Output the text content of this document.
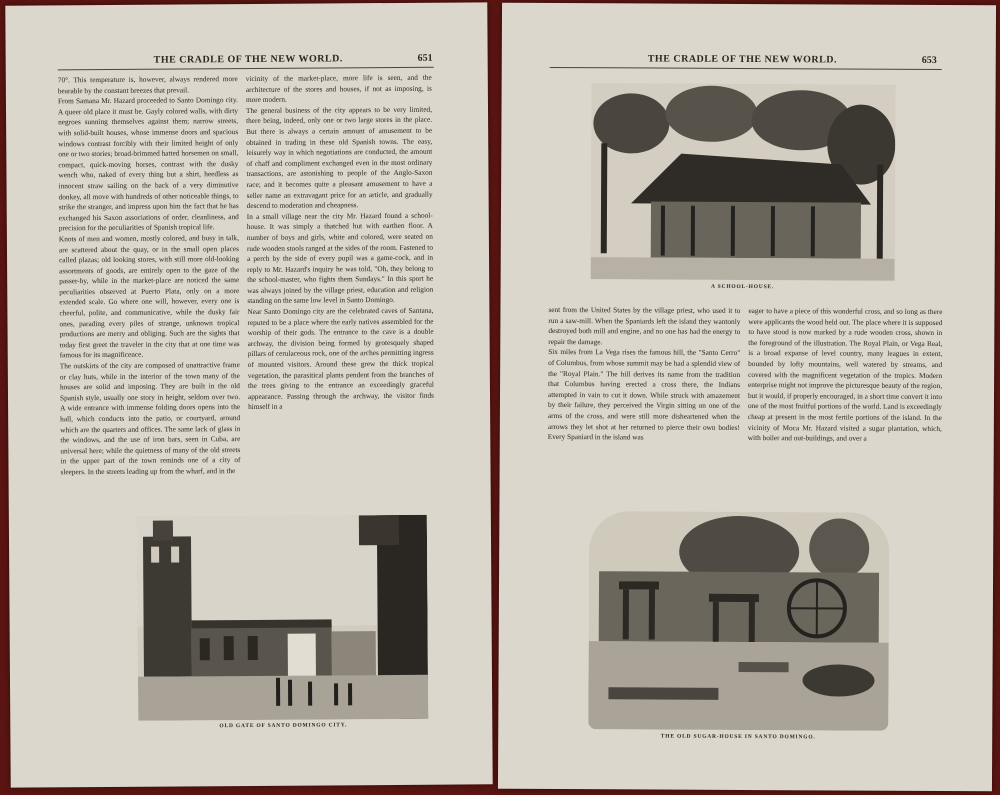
THE CRADLE OF THE NEW WORLD.	651
70°. This temperature is, however, always rendered more bearable by the constant breezes that prevail.
From Samana Mr. Hazard proceeded to Santo Domingo city. A queer old place it must be. Gayly colored walls, with dirty negroes sunning themselves against them; narrow streets, with solid-built houses, whose immense doors and spacious windows contrast forcibly with their limited height of only one or two stories; broad-brimmed hatted horsemen on small, compact, quick-moving horses, contrast with the dusky wench who, naked of every thing but a shirt, heedless as innocent straw sailing on the back of a very diminutive donkey, all move with hundreds of other noticeable things, to strike the stranger, and impress upon him the fact that he has exchanged his Saxon associations of order, cleanliness, and precision for the peculiarities of Spanish tropical life.
Knots of men and women, mostly colored, and busy in talk, are scattered about the quay, or in the small open places called plazas; old looking stores, with still more old-looking assortments of goods, are entirely open to the gaze of the passer-by, while in the market-place are noticed the same peculiarities observed at Puerto Plata, only on a more extended scale. Go where one will, however, every one is cheerful, polite, and communicative, while the dusky fair ones, parading every piles of strange, unknown tropical productions are merry and obliging. Such are the sights that today first greet the traveler in the city that at one time was famous for its magnificence.
The outskirts of the city are composed of unattractive frame or clay huts, while in the interior of the town many of the houses are solid and imposing. They are built in the old Spanish style, usually one story in height, seldom over two. A wide entrance with immense folding doors opens into the hall, which conducts into the patio, or courtyard, around which are the quarters and offices. The same lack of glass in the windows, and the use of iron bars, seen in Cuba, are universal here; while the quietness of many of the old streets in the upper part of the town reminds one of a city of sleepers. In the streets leading up from the wharf, and in the
vicinity of the market-place, more life is seen, and the architecture of the stores and houses, if not as imposing, is more modern.
The general business of the city appears to be very limited, there being, indeed, only one or two large stores in the place. But there is always a certain amount of amusement to be obtained in trading in these old Spanish towns. The easy, leisurely way in which negotiations are conducted, the amount of chaff and compliment exchanged even in the most ordinary transactions, are astonishing to people of the Anglo-Saxon race; and it becomes quite a pleasant amusement to have a seller name an extravagant price for an article, and gradually descend to moderation and cheapness.
In a small village near the city Mr. Hazard found a school-house. It was simply a thatched hut with earthen floor. A number of boys and girls, white and colored, were seated on rude wooden stools ranged at the sides of the room. Fastened to a perch by the side of every pupil was a game-cock, and in reply to Mr. Hazard's inquiry he was told, "Oh, they belong to the school-master, who fights them Sundays." In this sport he was always joined by the village priest, education and religion standing on the same low level in Santo Domingo.
Near Santo Domingo city are the celebrated caves of Santana, reputed to be a place where the early natives assembled for the worship of their gods. The entrance to the cave is a double archway, the division being formed by grotesquely shaped pillars of cerulaceous rock, one of the arches permitting ingress of mounted visitors. Around these grew the thick tropical vegetation, the parasitical plants pendent from the branches of the trees giving to the entrance an exceedingly graceful appearance. Passing through the archway, the visitor finds himself in a
OLD GATE OF SANTO DOMINGO CITY.
THE CRADLE OF THE NEW WORLD.	653
A SCHOOL-HOUSE.
sent from the United States by the village priest, who used it to run a saw-mill. When the Spaniards left the island they wantonly destroyed both mill and engine, and no one has had the energy to repair the damage.
Six miles from La Vega rises the famous hill, the "Santo Cerro" of Columbus, from whose summit may be had a splendid view of the "Royal Plain." The hill derives its name from the tradition that Columbus having erected a cross there, the Indians attempted in vain to cut it down. While struck with amazement by their failure, they perceived the Virgin sitting on one of the arms of the cross, and were still more disheartened when the arrows they let shot at her returned to pierce their own bodies! Every Spaniard in the island was
eager to have a piece of this wonderful cross, and so long as there were applicants the wood held out. The place where it is supposed to have stood is now marked by a rude wooden cross, shown in the foreground of the illustration. The Royal Plain, or Vega Real, is a broad expanse of level country, many leagues in extent, bounded by lofty mountains, well watered by streams, and covered with the magnificent vegetation of the tropics. Modern enterprise might not improve the picturesque beauty of the region, but it would, if properly encouraged, in a short time convert it into one of the most fruitful portions of the world. Land is exceedingly cheap at present in the most fertile portions of the island. In the vicinity of Moca Mr. Hazard visited a sugar plantation, which, with boiler and out-buildings, and over a
THE OLD SUGAR-HOUSE IN SANTO DOMINGO.
